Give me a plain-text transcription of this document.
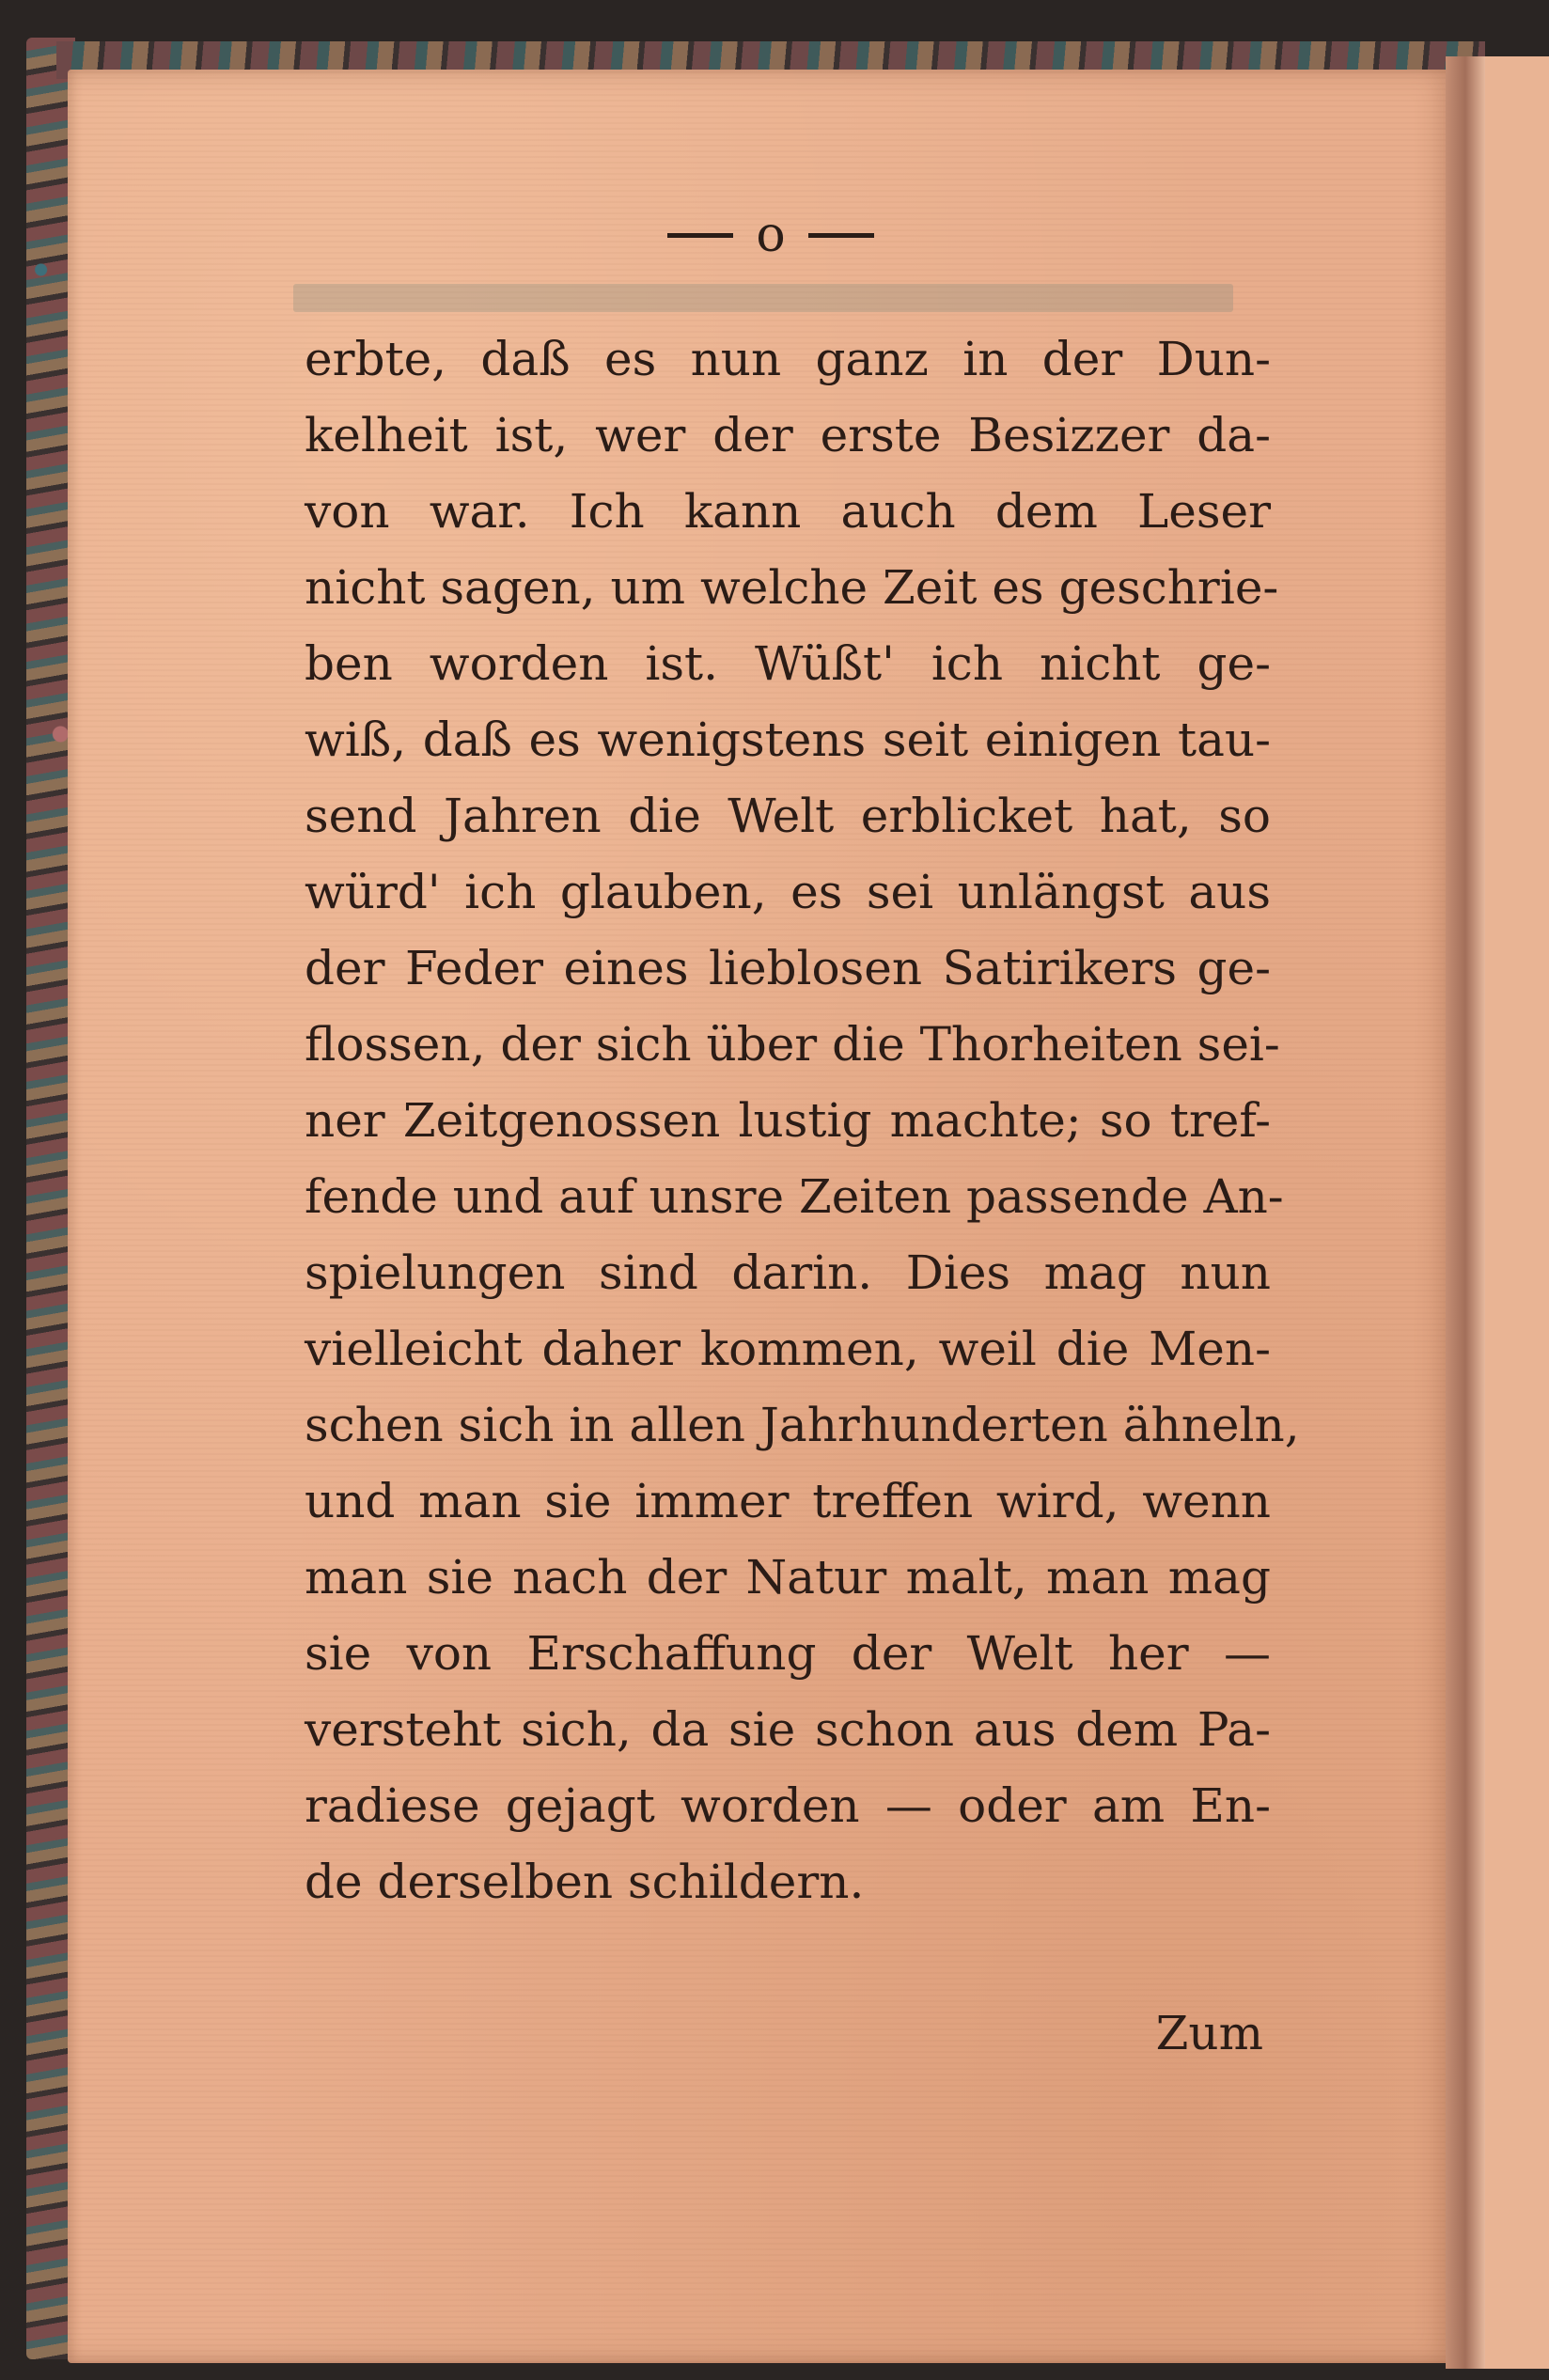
o
erbte, daß es nun ganz in der Dun-
kelheit ist, wer der erste Besizzer da-
von war. Ich kann auch dem Leser
nicht sagen, um welche Zeit es geschrie-
ben worden ist. Wüßt' ich nicht ge-
wiß, daß es wenigstens seit einigen tau-
send Jahren die Welt erblicket hat, so
würd' ich glauben, es sei unlängst aus
der Feder eines lieblosen Satirikers ge-
flossen, der sich über die Thorheiten sei-
ner Zeitgenossen lustig machte; so tref-
fende und auf unsre Zeiten passende An-
spielungen sind darin. Dies mag nun
vielleicht daher kommen, weil die Men-
schen sich in allen Jahrhunderten ähneln,
und man sie immer treffen wird, wenn
man sie nach der Natur malt, man mag
sie von Erschaffung der Welt her —
versteht sich, da sie schon aus dem Pa-
radiese gejagt worden — oder am En-
de derselben schildern.
Zum
